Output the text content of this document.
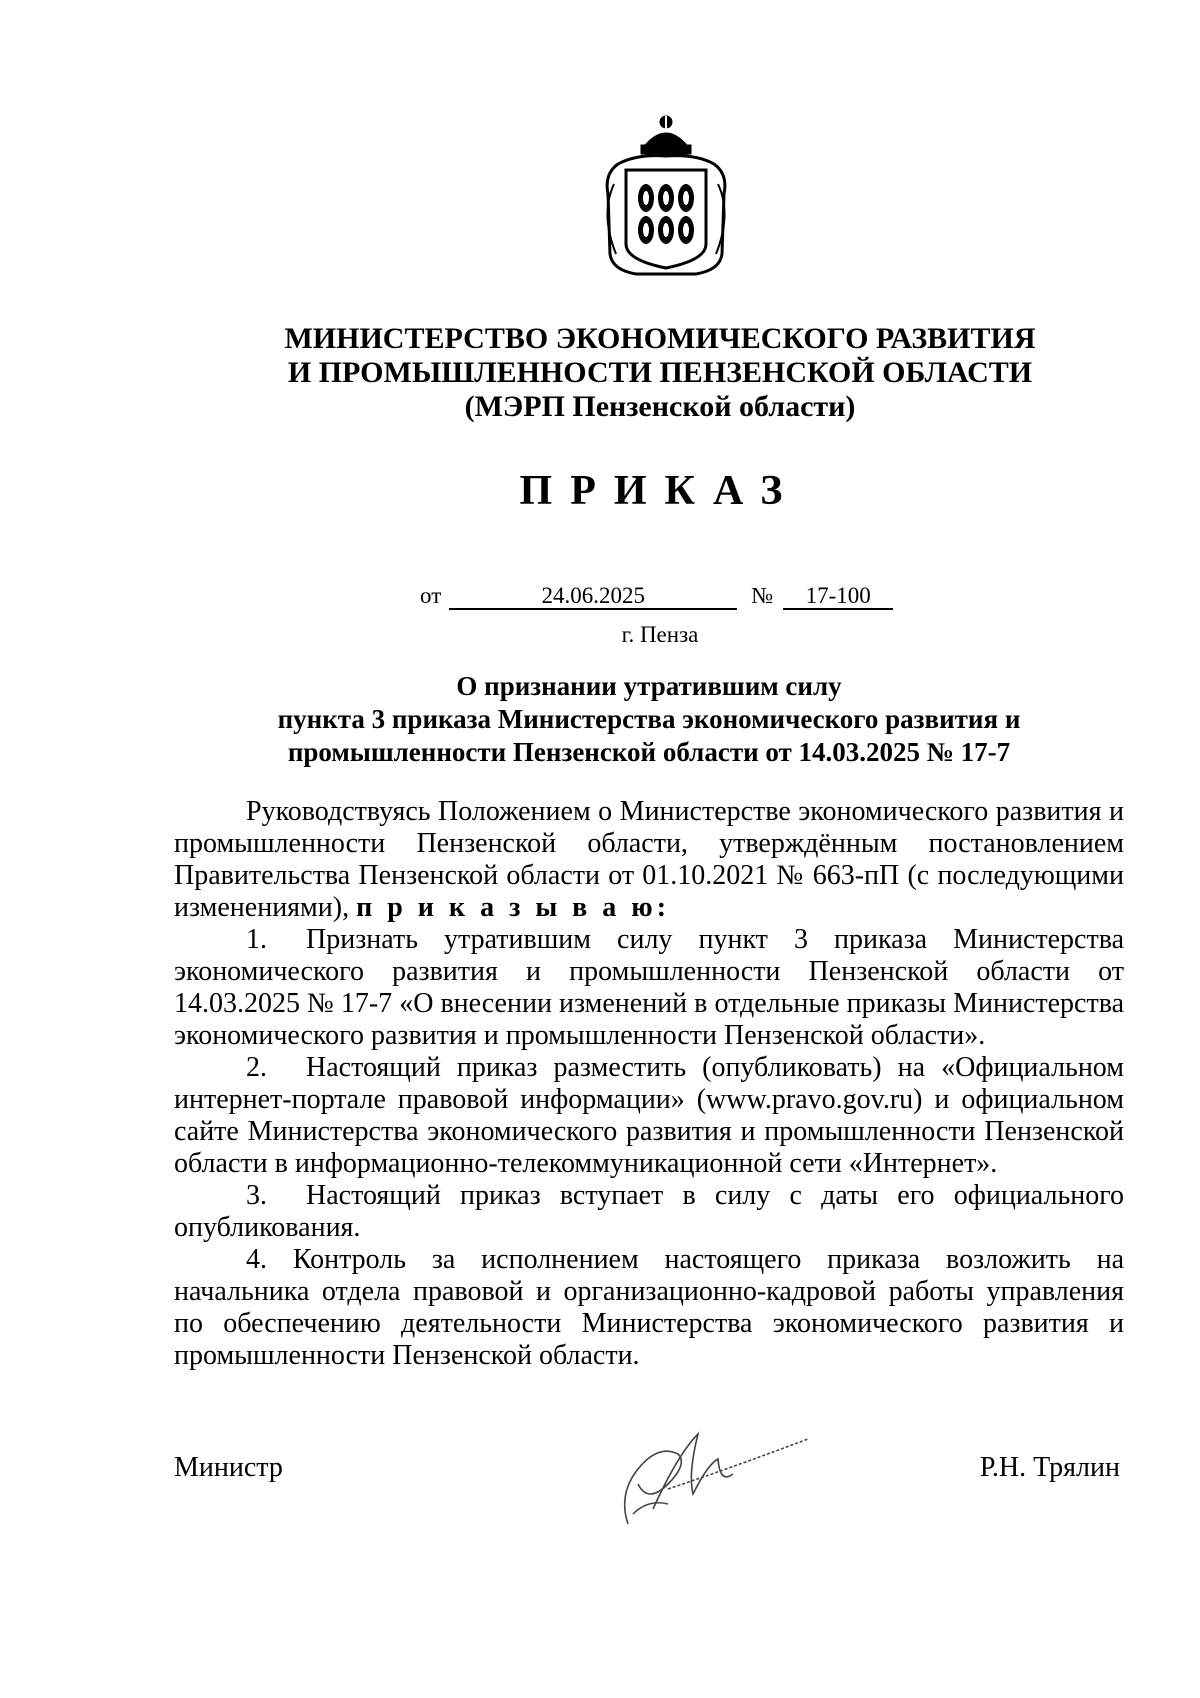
МИНИСТЕРСТВО ЭКОНОМИЧЕСКОГО РАЗВИТИЯ
И ПРОМЫШЛЕННОСТИ ПЕНЗЕНСКОЙ ОБЛАСТИ
(МЭРП Пензенской области)
ПРИКАЗ
от	24.06.2025	№ 17-100
г. Пенза
О признании утратившим силу
пункта 3 приказа Министерства экономического развития и
промышленности Пензенской области от 14.03.2025 № 17-7

Руководствуясь Положением о Министерстве экономического развития и промышленности Пензенской области, утверждённым постановлением Правительства Пензенской области от 01.10.2021 № 663-пП (с последующими изменениями), п р и к а з ы в а ю:

1. Признать утратившим силу пункт 3 приказа Министерства экономического развития и промышленности Пензенской области от 14.03.2025 № 17-7 «О внесении изменений в отдельные приказы Министерства экономического развития и промышленности Пензенской области».

2. Настоящий приказ разместить (опубликовать) на «Официальном интернет-портале правовой информации» (www.pravo.gov.ru) и официальном сайте Министерства экономического развития и промышленности Пензенской области в информационно-телекоммуникационной сети «Интернет».

3. Настоящий приказ вступает в силу с даты его официального опубликования.

4. Контроль за исполнением настоящего приказа возложить на начальника отдела правовой и организационно-кадровой работы управления по обеспечению деятельности Министерства экономического развития и промышленности Пензенской области.

Министр	Р.Н. Трялин
